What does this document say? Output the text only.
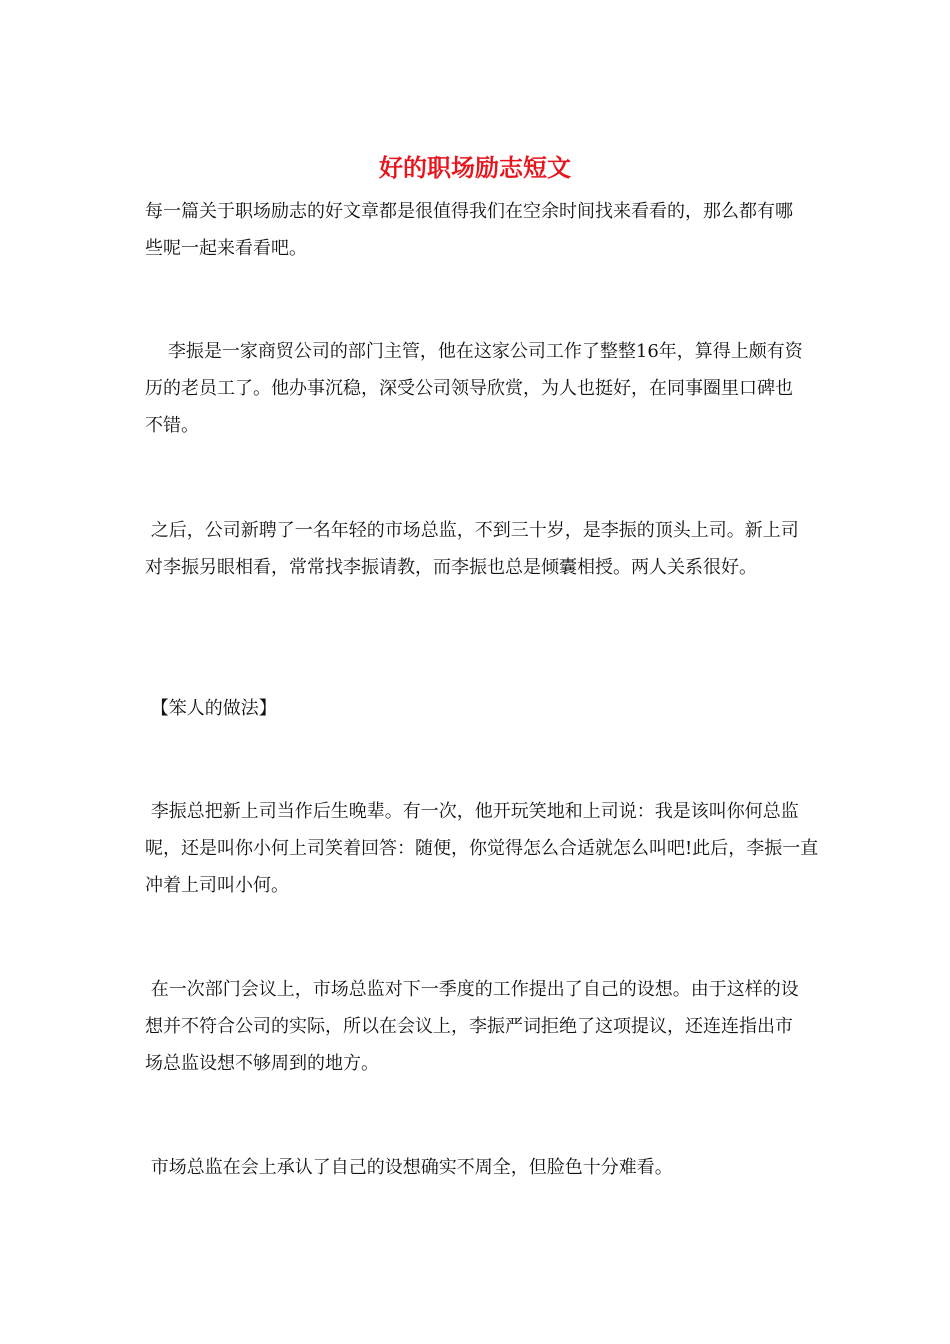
好的职场励志短文

每一篇关于职场励志的好文章都是很值得我们在空余时间找来看看的，那么都有哪些呢一起来看看吧。

李振是一家商贸公司的部门主管，他在这家公司工作了整整16年，算得上颇有资历的老员工了。他办事沉稳，深受公司领导欣赏，为人也挺好，在同事圈里口碑也不错。

之后，公司新聘了一名年轻的市场总监，不到三十岁，是李振的顶头上司。新上司对李振另眼相看，常常找李振请教，而李振也总是倾囊相授。两人关系很好。

【笨人的做法】

李振总把新上司当作后生晚辈。有一次，他开玩笑地和上司说：我是该叫你何总监呢，还是叫你小何上司笑着回答：随便，你觉得怎么合适就怎么叫吧!此后，李振一直冲着上司叫小何。

在一次部门会议上，市场总监对下一季度的工作提出了自己的设想。由于这样的设想并不符合公司的实际，所以在会议上，李振严词拒绝了这项提议，还连连指出市场总监设想不够周到的地方。

市场总监在会上承认了自己的设想确实不周全，但脸色十分难看。
